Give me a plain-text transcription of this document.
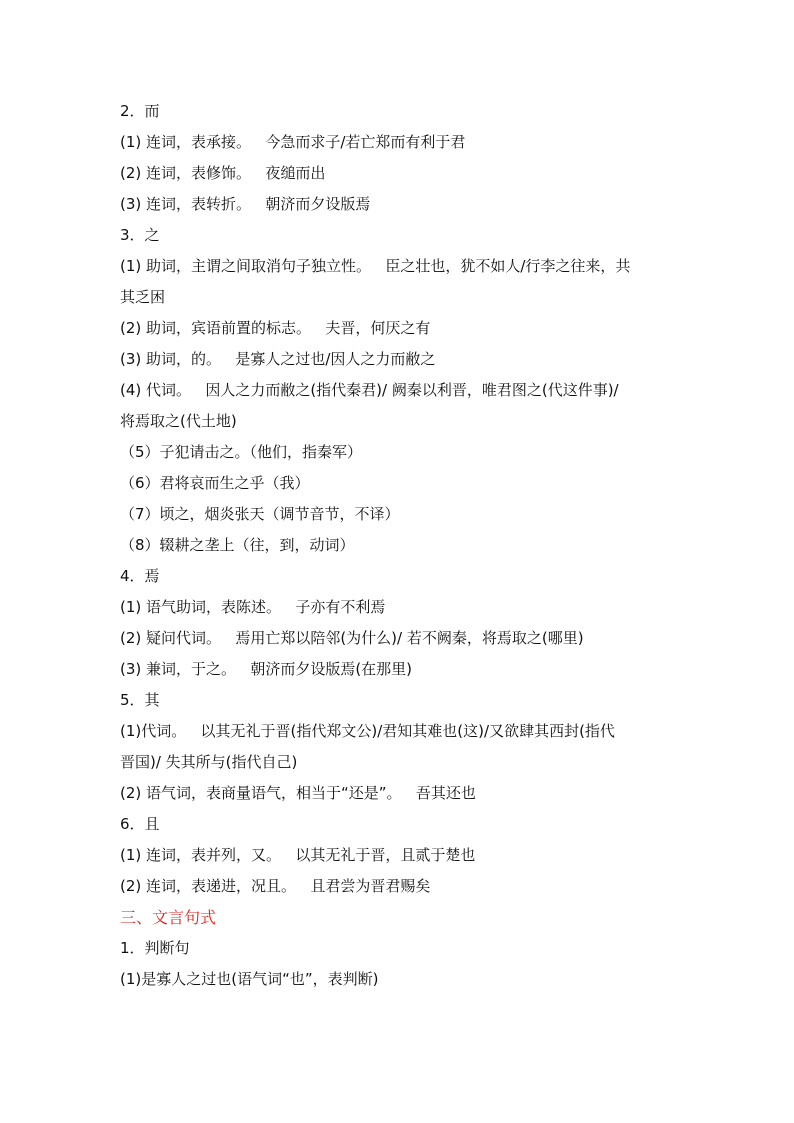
2．而

(1) 连词，表承接。   今急而求子/若亡郑而有利于君

(2) 连词，表修饰。   夜缒而出

(3) 连词，表转折。   朝济而夕设版焉

3．之

(1) 助词，主谓之间取消句子独立性。   臣之壮也，犹不如人/行李之往来，共

其乏困

(2) 助词，宾语前置的标志。   夫晋，何厌之有

(3) 助词，的。   是寡人之过也/因人之力而敝之

(4) 代词。   因人之力而敝之(指代秦君)/ 阙秦以利晋，唯君图之(代这件事)/

将焉取之(代土地)

（5）子犯请击之。（他们，指秦军）

（6）君将哀而生之乎（我）

（7）顷之，烟炎张天（调节音节，不译）

（8）辍耕之垄上（往，到，动词）

4．焉

(1) 语气助词，表陈述。   子亦有不利焉

(2) 疑问代词。   焉用亡郑以陪邻(为什么)/ 若不阙秦，将焉取之(哪里)

(3) 兼词，于之。   朝济而夕设版焉(在那里)

5．其

(1)代词。   以其无礼于晋(指代郑文公)/君知其难也(这)/又欲肆其西封(指代

晋国)/ 失其所与(指代自己)

(2) 语气词，表商量语气，相当于“还是”。   吾其还也

6．且

(1) 连词，表并列，又。   以其无礼于晋，且贰于楚也

(2) 连词，表递进，况且。   且君尝为晋君赐矣

三、文言句式

1．判断句

(1)是寡人之过也(语气词“也”，表判断)
